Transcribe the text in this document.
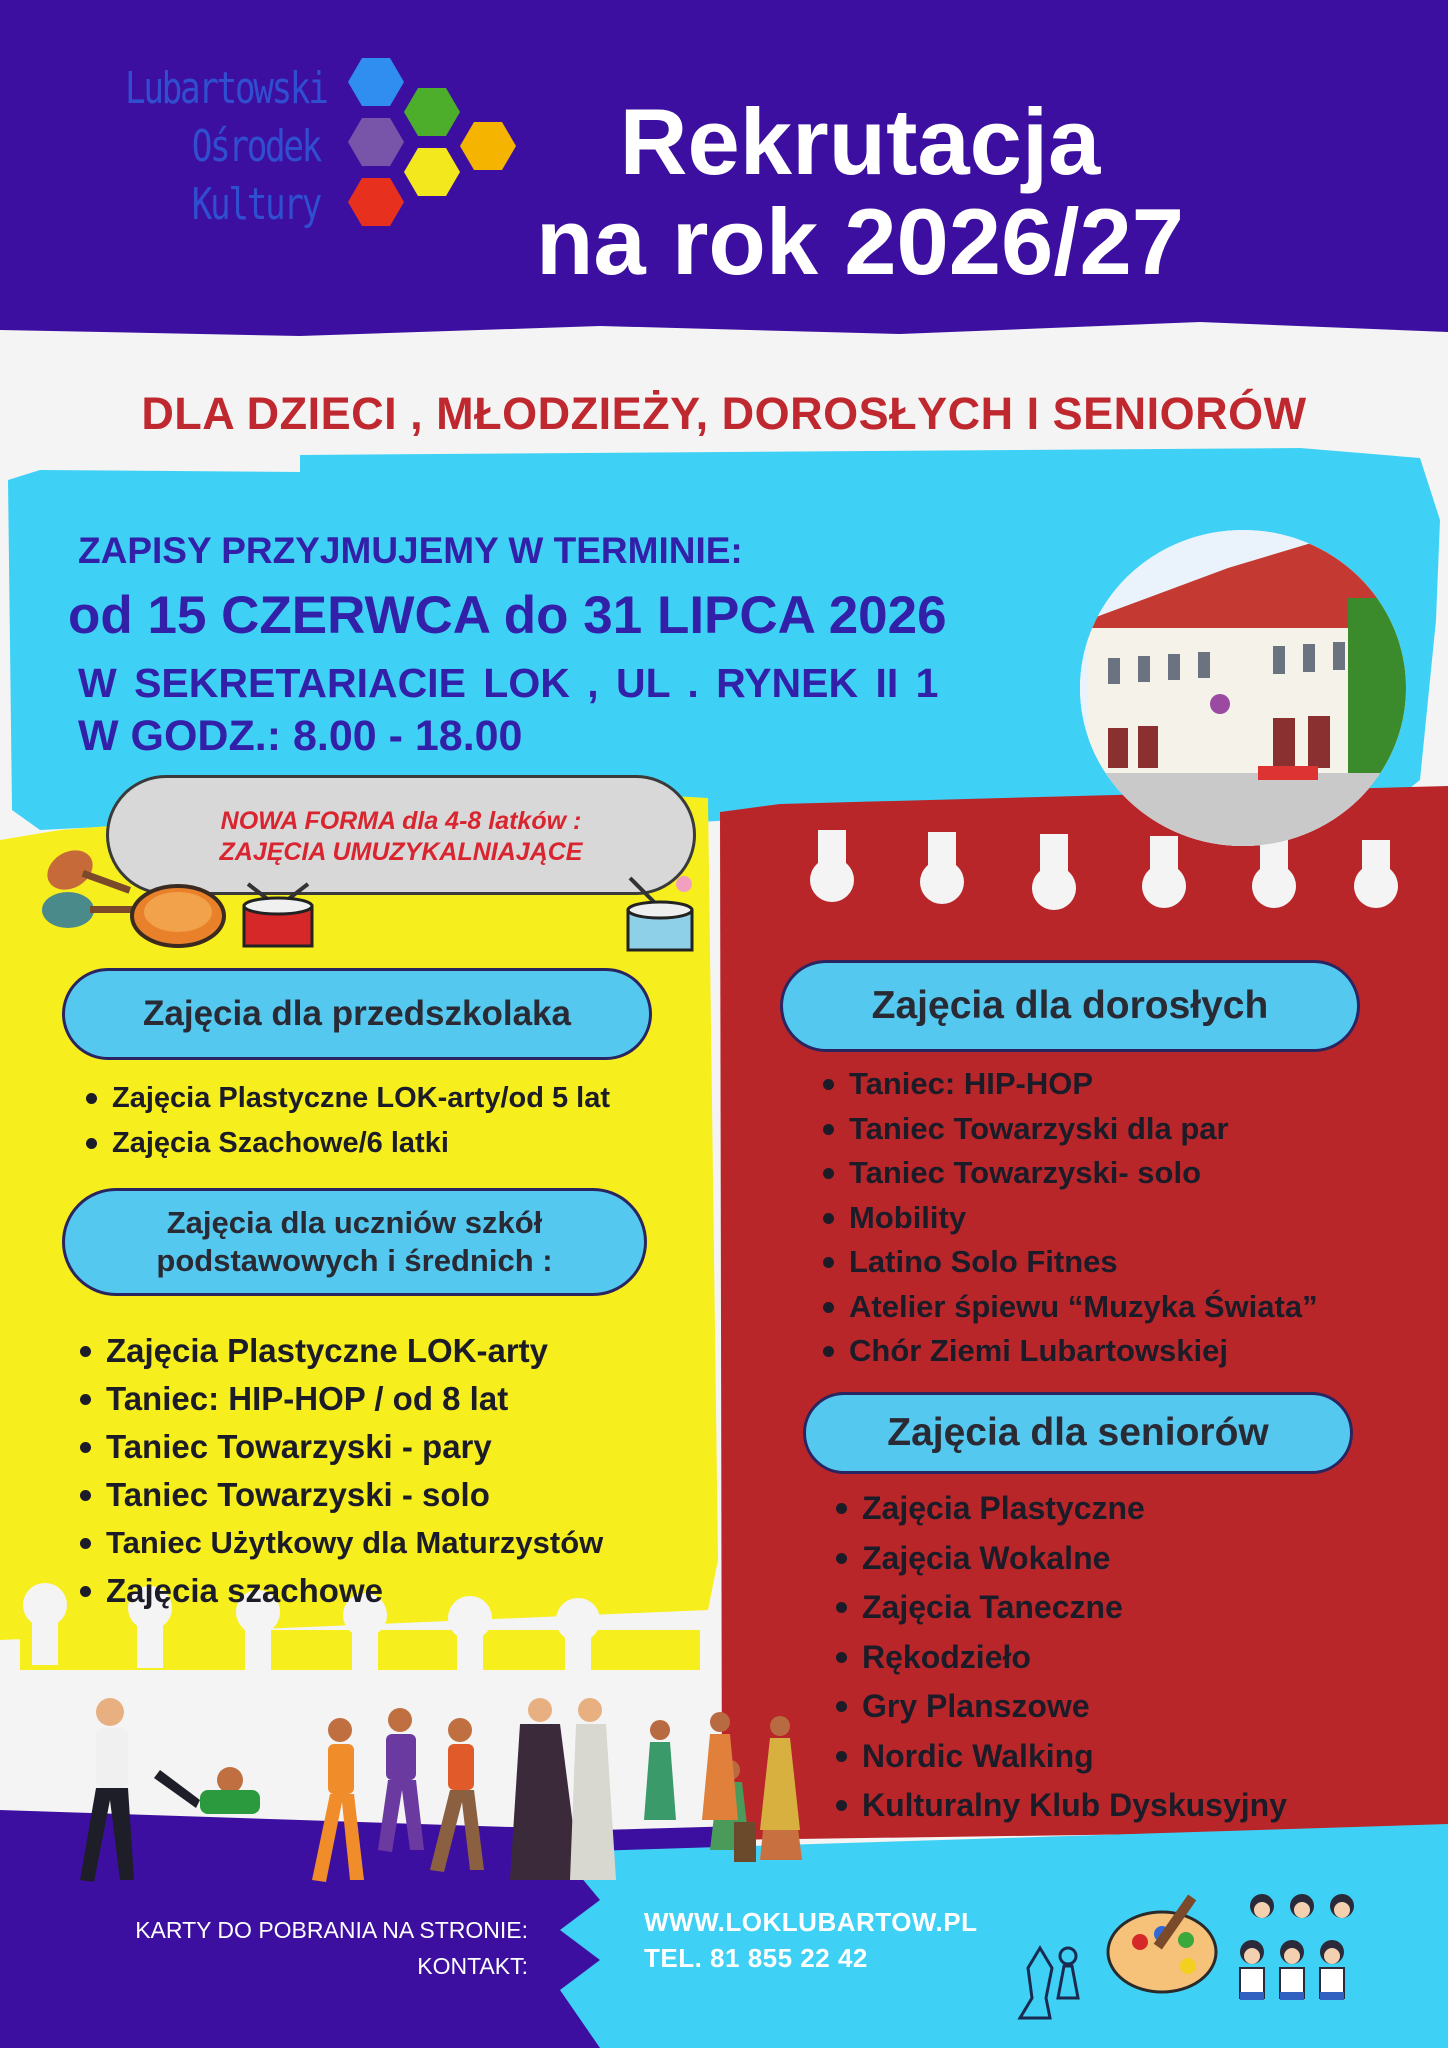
Lubartowski
Ośrodek
Kultury
Rekrutacja
na rok 2026/27
DLA DZIECI , MŁODZIEŻY, DOROSŁYCH I SENIORÓW
ZAPISY PRZYJMUJEMY W TERMINIE:
od 15 CZERWCA do 31 LIPCA 2026
W SEKRETARIACIE LOK , UL . RYNEK II 1
W GODZ.: 8.00 - 18.00
NOWA FORMA dla 4-8 latków :
ZAJĘCIA UMUZYKALNIAJĄCE
Zajęcia dla przedszkolaka
Zajęcia Plastyczne LOK-arty/od 5 lat
Zajęcia Szachowe/6 latki
Zajęcia dla uczniów szkół
podstawowych i średnich :
Zajęcia Plastyczne LOK-arty
Taniec: HIP-HOP / od 8 lat
Taniec Towarzyski - pary
Taniec Towarzyski - solo
Taniec Użytkowy dla Maturzystów
Zajęcia szachowe
Zajęcia dla dorosłych
Taniec: HIP-HOP
Taniec Towarzyski dla par
Taniec Towarzyski- solo
Mobility
Latino Solo Fitnes
Atelier śpiewu “Muzyka Świata”
Chór Ziemi Lubartowskiej
Zajęcia dla seniorów
Zajęcia Plastyczne
Zajęcia Wokalne
Zajęcia Taneczne
Rękodzieło
Gry Planszowe
Nordic Walking
Kulturalny Klub Dyskusyjny
KARTY DO POBRANIA NA STRONIE:
KONTAKT:
WWW.LOKLUBARTOW.PL
TEL. 81 855 22 42
